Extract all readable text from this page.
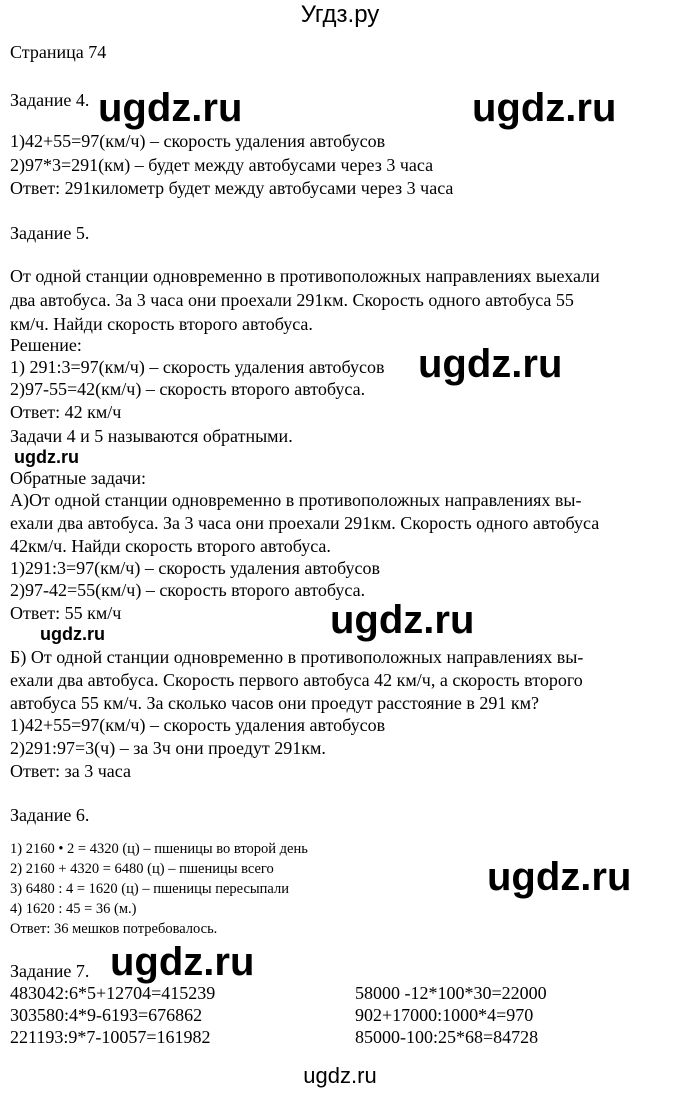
Угдз.ру
Страница 74
Задание 4.
1)42+55=97(км/ч) – скорость удаления автобусов
2)97*3=291(км) – будет между автобусами через 3 часа
Ответ: 291километр будет между автобусами через 3 часа
Задание 5.
От одной станции одновременно в противоположных направлениях выехали
два автобуса. За 3 часа они проехали 291км. Скорость одного автобуса 55
км/ч. Найди скорость второго автобуса.
Решение:
1) 291:3=97(км/ч) – скорость удаления автобусов
2)97-55=42(км/ч) – скорость второго автобуса.
Ответ: 42 км/ч
Задачи 4 и 5 называются обратными.
Обратные задачи:
А)От одной станции одновременно в противоположных направлениях вы-
ехали два автобуса. За 3 часа они проехали 291км. Скорость одного автобуса
42км/ч. Найди скорость второго автобуса.
1)291:3=97(км/ч) – скорость удаления автобусов
2)97-42=55(км/ч) – скорость второго автобуса.
Ответ: 55 км/ч
Б) От одной станции одновременно в противоположных направлениях вы-
ехали два автобуса. Скорость первого автобуса 42 км/ч, а скорость второго
автобуса 55 км/ч. За сколько часов они проедут расстояние в 291 км?
1)42+55=97(км/ч) – скорость удаления автобусов
2)291:97=3(ч) – за 3ч они проедут 291км.
Ответ: за 3 часа
Задание 6.
1) 2160 • 2 = 4320 (ц) – пшеницы во второй день
2) 2160 + 4320 = 6480 (ц) – пшеницы всего
3) 6480 : 4 = 1620 (ц) – пшеницы пересыпали
4) 1620 : 45 = 36 (м.)
Ответ: 36 мешков потребовалось.
Задание 7.
483042:6*5+12704=415239
303580:4*9-6193=676862
221193:9*7-10057=161982
58000 -12*100*30=22000
902+17000:1000*4=970
85000-100:25*68=84728
ugdz.ru	ugdz.ru
ugdz.ru
ugdz.ru
ugdz.ru
ugdz.ru
ugdz.ru
ugdz.ru
ugdz.ru
